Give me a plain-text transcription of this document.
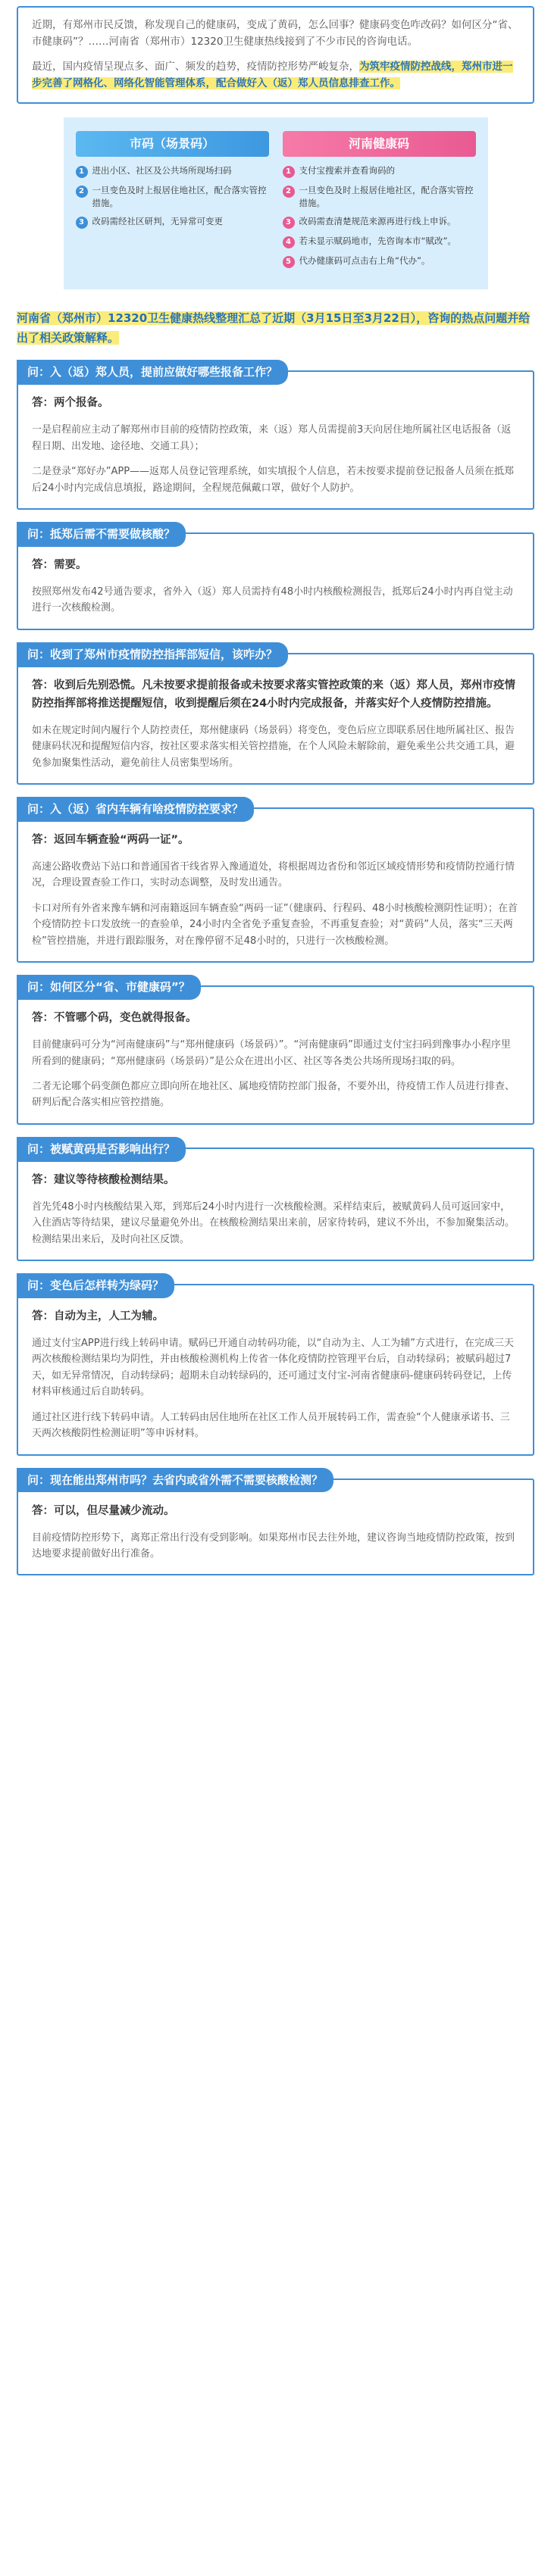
近期，有郑州市民反馈，称发现自己的健康码，变成了黄码，怎么回事？健康码变色咋改码？如何区分“省、市健康码”？……河南省（郑州市）12320卫生健康热线接到了不少市民的咨询电话。

最近，国内疫情呈现点多、面广、频发的趋势，疫情防控形势严峻复杂，为筑牢疫情防控战线，郑州市进一步完善了网格化、网络化智能管理体系，配合做好入（返）郑人员信息排查工作。

市码（场景码）
1 进出小区、社区及公共场所现场扫码
2 一旦变色及时上报居住地社区，配合落实管控措施。
3 改码需经社区研判，无异常可变更
河南健康码
1 支付宝搜索并查看询码的
2 一旦变色及时上报居住地社区，配合落实管控措施。
3 改码需查清楚规范来源再进行线上申诉。
4 若未显示赋码地市，先咨询本市“赋改”。
5 代办健康码可点击右上角“代办”。

河南省（郑州市）12320卫生健康热线整理汇总了近期（3月15日至3月22日），咨询的热点问题并给出了相关政策解释。

问：入（返）郑人员，提前应做好哪些报备工作？

答：两个报备。

一是启程前应主动了解郑州市目前的疫情防控政策，来（返）郑人员需提前3天向居住地所属社区电话报备（返程日期、出发地、途径地、交通工具）；

二是登录“郑好办”APP——返郑人员登记管理系统，如实填报个人信息，若未按要求提前登记报备人员须在抵郑后24小时内完成信息填报，路途期间，全程规范佩戴口罩，做好个人防护。

问：抵郑后需不需要做核酸？

答：需要。

按照郑州发布42号通告要求，省外入（返）郑人员需持有48小时内核酸检测报告，抵郑后24小时内再自觉主动进行一次核酸检测。

问：收到了郑州市疫情防控指挥部短信，该咋办？

答：收到后先别恐慌。凡未按要求提前报备或未按要求落实管控政策的来（返）郑人员，郑州市疫情防控指挥部将推送提醒短信，收到提醒后须在24小时内完成报备，并落实好个人疫情防控措施。

如未在规定时间内履行个人防控责任，郑州健康码（场景码）将变色，变色后应立即联系居住地所属社区、报告健康码状况和提醒短信内容，按社区要求落实相关管控措施，在个人风险未解除前，避免乘坐公共交通工具，避免参加聚集性活动，避免前往人员密集型场所。

问：入（返）省内车辆有啥疫情防控要求？

答：返回车辆查验“两码一证”。

高速公路收费站下站口和普通国省干线省界入豫通道处，将根据周边省份和邻近区域疫情形势和疫情防控通行情况，合理设置查验工作口，实时动态调整，及时发出通告。

卡口对所有外省来豫车辆和河南籍返回车辆查验“两码一证”（健康码、行程码、48小时核酸检测阴性证明）；在首个疫情防控卡口发放统一的查验单，24小时内全省免予重复查验，不再重复查验；对“黄码”人员，落实“三天两检”管控措施，并进行跟踪服务，对在豫停留不足48小时的，只进行一次核酸检测。

问：如何区分“省、市健康码”？

答：不管哪个码，变色就得报备。

目前健康码可分为“河南健康码”与“郑州健康码（场景码）”。“河南健康码”即通过支付宝扫码到豫事办小程序里所看到的健康码；“郑州健康码（场景码）”是公众在进出小区、社区等各类公共场所现场扫取的码。

二者无论哪个码变颜色都应立即向所在地社区、属地疫情防控部门报备，不要外出，待疫情工作人员进行排查、研判后配合落实相应管控措施。

问：被赋黄码是否影响出行？

答：建议等待核酸检测结果。

首先凭48小时内核酸结果入郑，到郑后24小时内进行一次核酸检测。采样结束后，被赋黄码人员可返回家中，入住酒店等待结果，建议尽量避免外出。在核酸检测结果出来前，居家待转码，建议不外出，不参加聚集活动。检测结果出来后，及时向社区反馈。

问：变色后怎样转为绿码？

答：自动为主，人工为辅。

通过支付宝APP进行线上转码申请。赋码已开通自动转码功能，以“自动为主、人工为辅”方式进行，在完成三天两次核酸检测结果均为阴性，并由核酸检测机构上传省一体化疫情防控管理平台后，自动转绿码；被赋码超过7天，如无异常情况，自动转绿码；超期未自动转绿码的，还可通过支付宝-河南省健康码-健康码转码登记，上传材料审核通过后自助转码。

通过社区进行线下转码申请。人工转码由居住地所在社区工作人员开展转码工作，需查验“个人健康承诺书、三天两次核酸阴性检测证明”等申诉材料。

问：现在能出郑州市吗？去省内或省外需不需要核酸检测？

答：可以，但尽量减少流动。

目前疫情防控形势下，离郑正常出行没有受到影响。如果郑州市民去往外地，建议咨询当地疫情防控政策，按到达地要求提前做好出行准备。
